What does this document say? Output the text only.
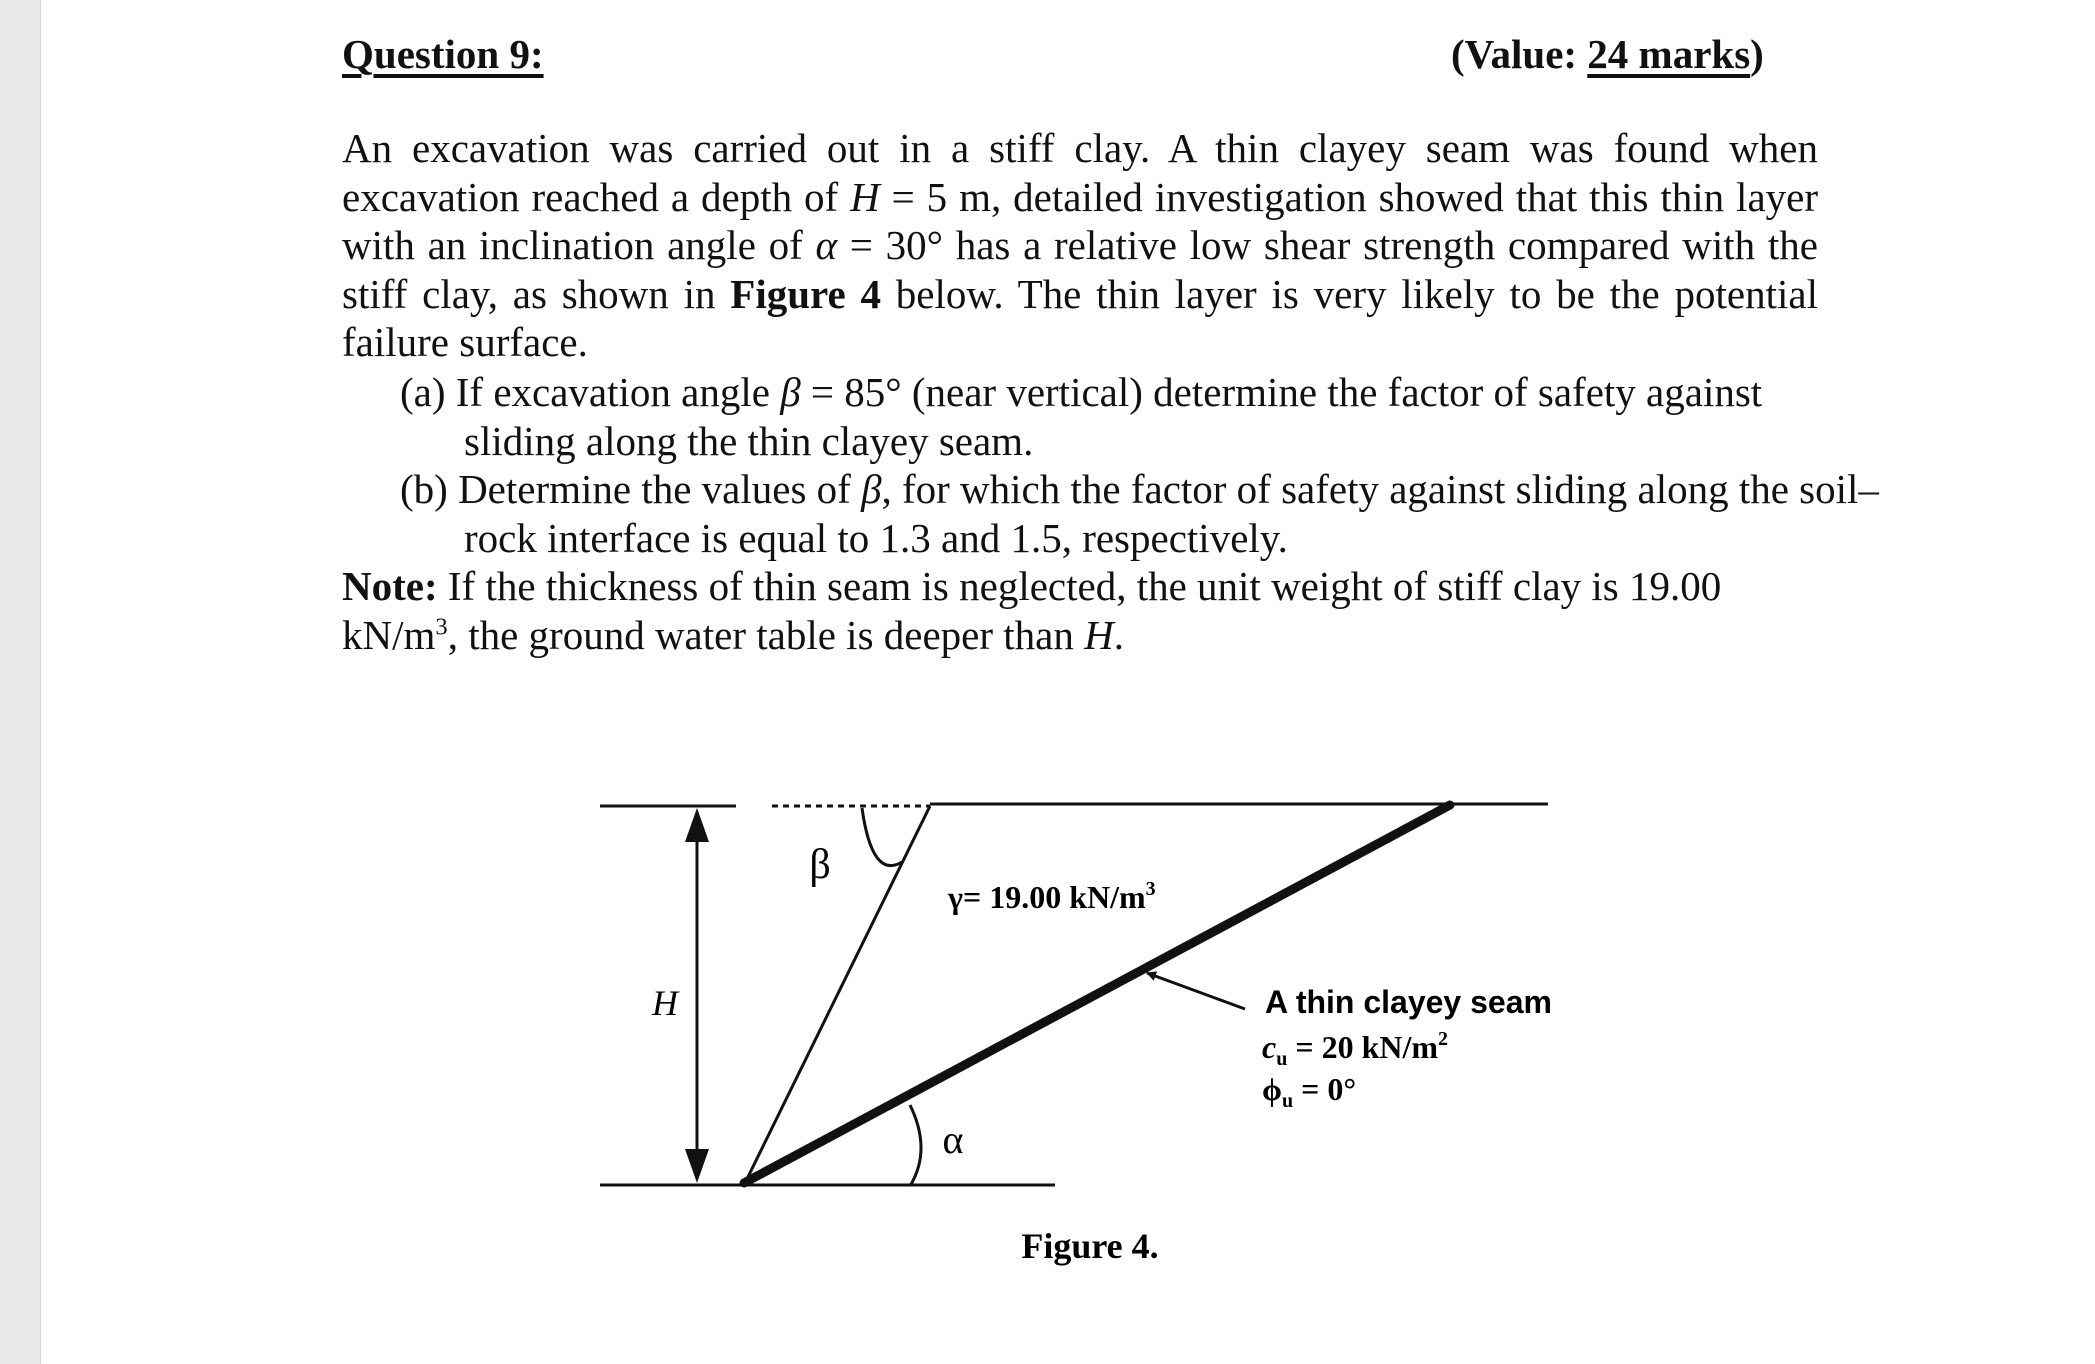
Question 9:	(Value: 24 marks)
An excavation was carried out in a stiff clay. A thin clayey seam was found when excavation reached a depth of H = 5 m, detailed investigation showed that this thin layer with an inclination angle of α = 30° has a relative low shear strength compared with the stiff clay, as shown in Figure 4 below. The thin layer is very likely to be the potential failure surface.
(a) If excavation angle β = 85° (near vertical) determine the factor of safety against sliding along the thin clayey seam.
(b) Determine the values of β, for which the factor of safety against sliding along the soil–rock interface is equal to 1.3 and 1.5, respectively.
Note: If the thickness of thin seam is neglected, the unit weight of stiff clay is 19.00 $kN/m^3$, the ground water table is deeper than H.
H
β
α
γ= 19.00 $kN/m^3$
A thin clayey seam
$c_u = 20$ $kN/m^2$
$\phi_u = 0^\circ$
Figure 4.
